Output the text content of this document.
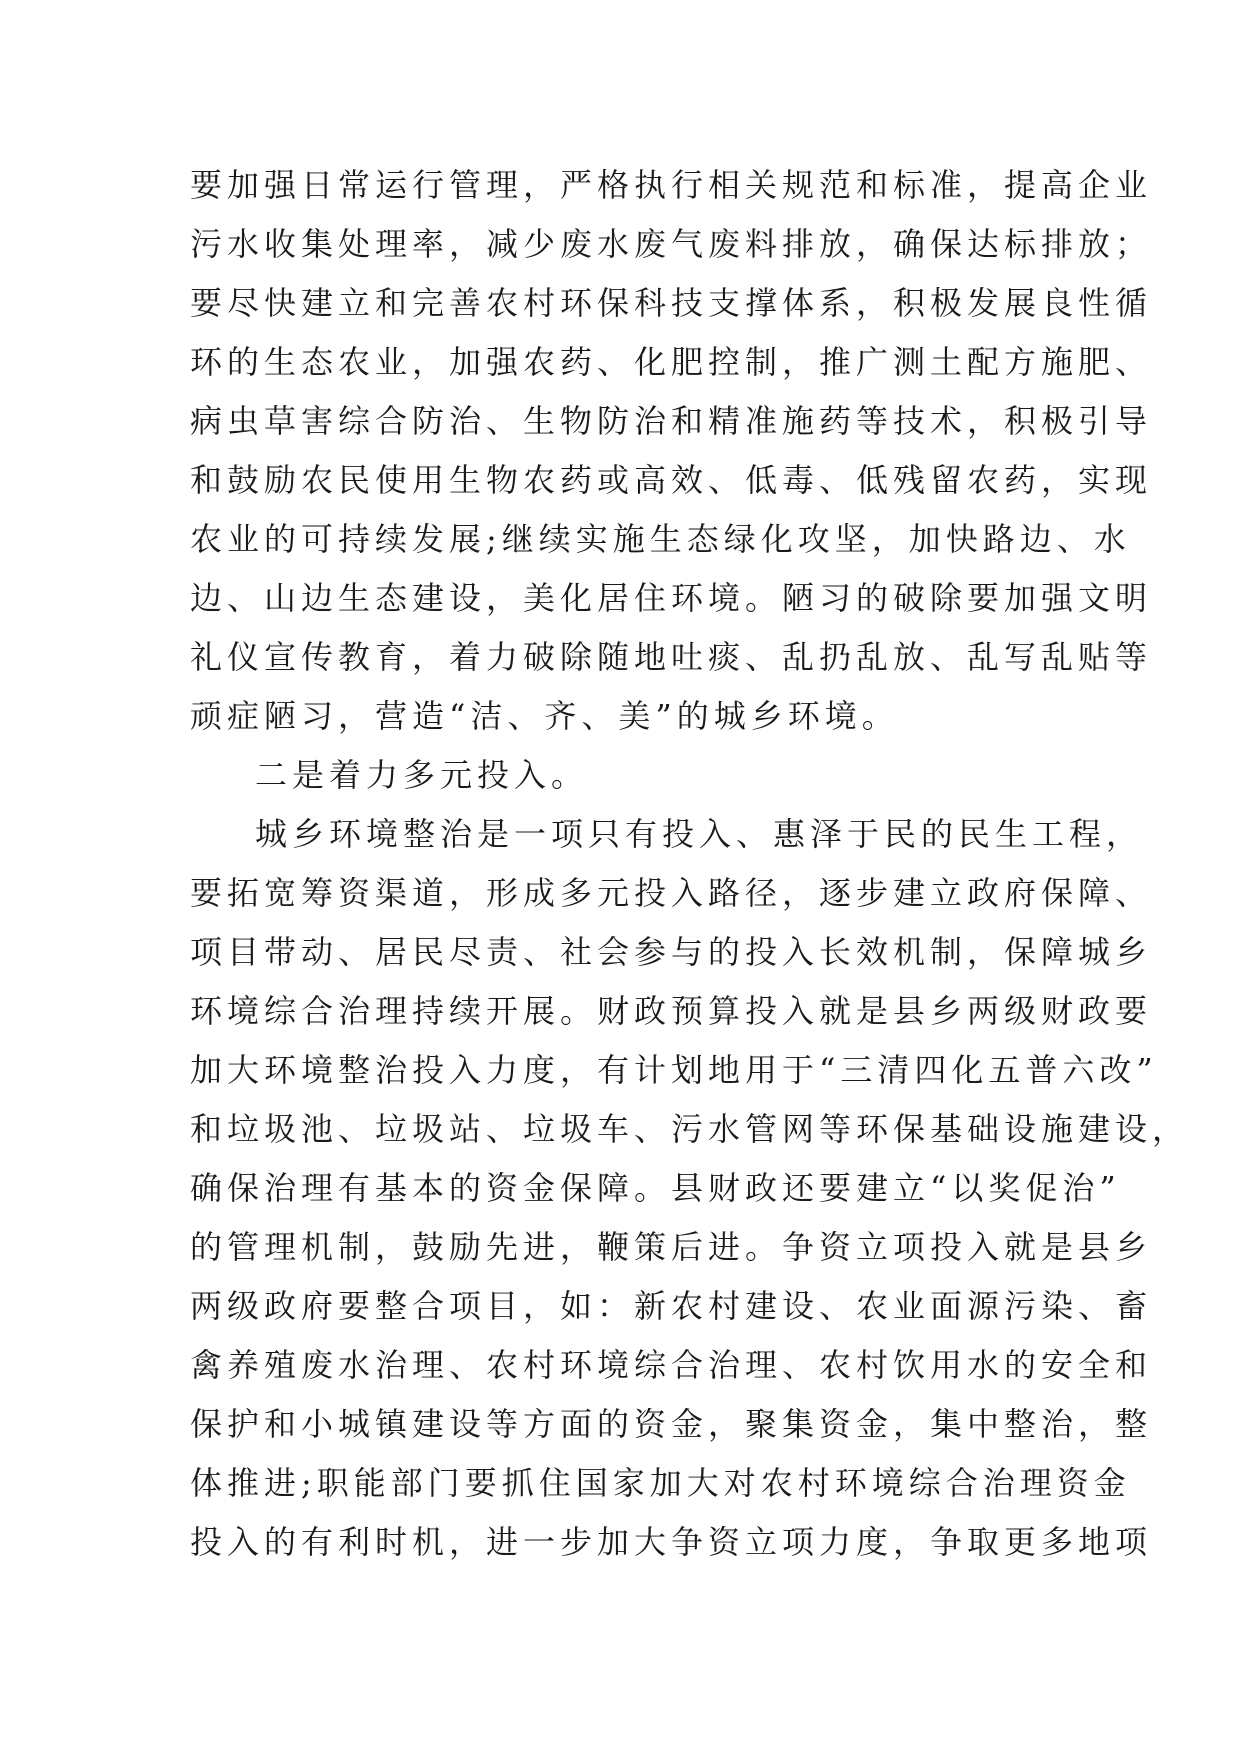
要加强日常运行管理，严格执行相关规范和标准，提高企业
污水收集处理率，减少废水废气废料排放，确保达标排放；
要尽快建立和完善农村环保科技支撑体系，积极发展良性循
环的生态农业，加强农药、化肥控制，推广测土配方施肥、
病虫草害综合防治、生物防治和精准施药等技术，积极引导
和鼓励农民使用生物农药或高效、低毒、低残留农药，实现
农业的可持续发展;继续实施生态绿化攻坚，加快路边、水
边、山边生态建设，美化居住环境。陋习的破除要加强文明
礼仪宣传教育，着力破除随地吐痰、乱扔乱放、乱写乱贴等
顽症陋习，营造“洁、齐、美”的城乡环境。
二是着力多元投入。
城乡环境整治是一项只有投入、惠泽于民的民生工程，
要拓宽筹资渠道，形成多元投入路径，逐步建立政府保障、
项目带动、居民尽责、社会参与的投入长效机制，保障城乡
环境综合治理持续开展。财政预算投入就是县乡两级财政要
加大环境整治投入力度，有计划地用于“三清四化五普六改”
和垃圾池、垃圾站、垃圾车、污水管网等环保基础设施建设，
确保治理有基本的资金保障。县财政还要建立“以奖促治”
的管理机制，鼓励先进，鞭策后进。争资立项投入就是县乡
两级政府要整合项目，如：新农村建设、农业面源污染、畜
禽养殖废水治理、农村环境综合治理、农村饮用水的安全和
保护和小城镇建设等方面的资金，聚集资金，集中整治，整
体推进;职能部门要抓住国家加大对农村环境综合治理资金
投入的有利时机，进一步加大争资立项力度，争取更多地项
